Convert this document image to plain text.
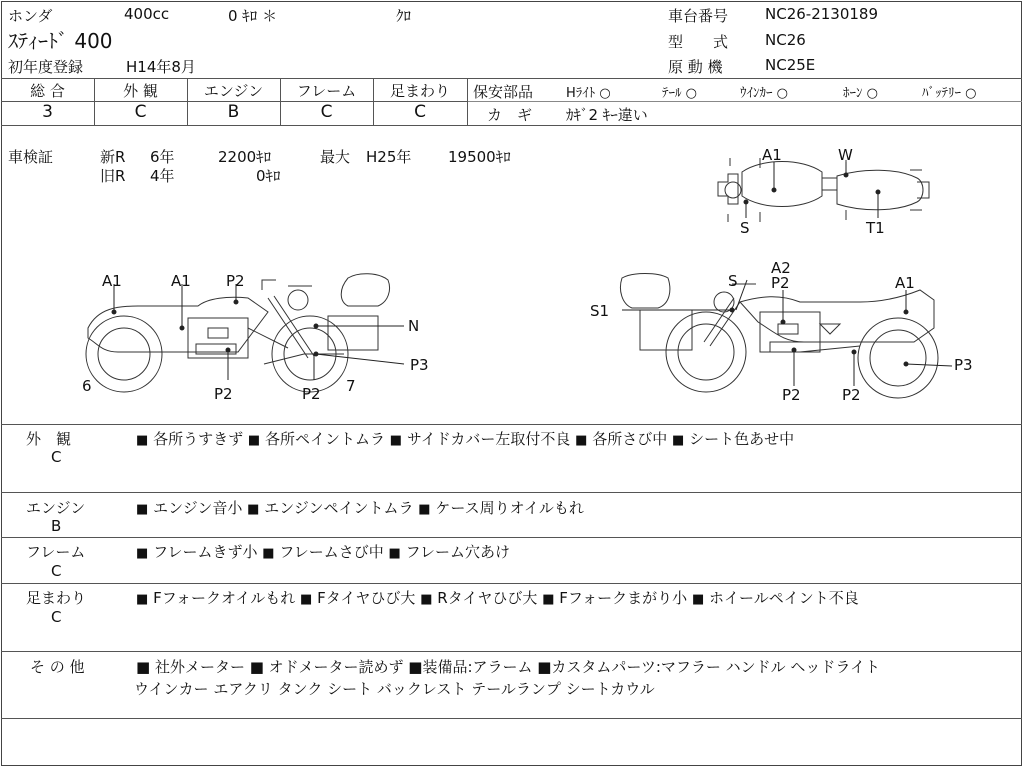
ホンダ	400cc	0 ｷﾛ ＊	ｸﾛ
ｽﾃｨｰﾄﾞ 400
初年度登録	H14年8月
車台番号 NC26-2130189
型　　式 NC26
原 動 機	NC25E
総 合	外 観	エンジン	フレーム	足まわり
3	C	B	C	C
保安部品	Hﾗｲﾄ ○	ﾃｰﾙ ○	ｳｲﾝｶｰ ○	ﾎｰﾝ ○	ﾊﾞｯﾃﾘｰ ○
カ　ギ ｶｷﾞ2 ｷｰ違い
車検証	新R 6年	2200ｷﾛ	最大 H25年 19500ｷﾛ
旧R 4年	0ｷﾛ
A1	W
S	T1
A1	A1 P2
N
P3
6	P2	P2 7
S
A2
P2	A1
S1
P3
P2	P2
外　観
C
■ 各所うすきず ■ 各所ペイントムラ ■ サイドカバー左取付不良 ■ 各所さび中 ■ シート色あせ中
エンジン
B
■ エンジン音小 ■ エンジンペイントムラ ■ ケース周りオイルもれ
フレーム
C
■ フレームきず小 ■ フレームさび中 ■ フレーム穴あけ
足まわり
C
■ Fフォークオイルもれ ■ Fタイヤひび大 ■ Rタイヤひび大 ■ Fフォークまがり小 ■ ホイールペイント不良
そ の 他	■ 社外メーター ■ オドメーター読めず ■装備品:アラーム ■カスタムパーツ:マフラー ハンドル ヘッドライト
ウインカー エアクリ タンク シート バックレスト テールランプ シートカウル
